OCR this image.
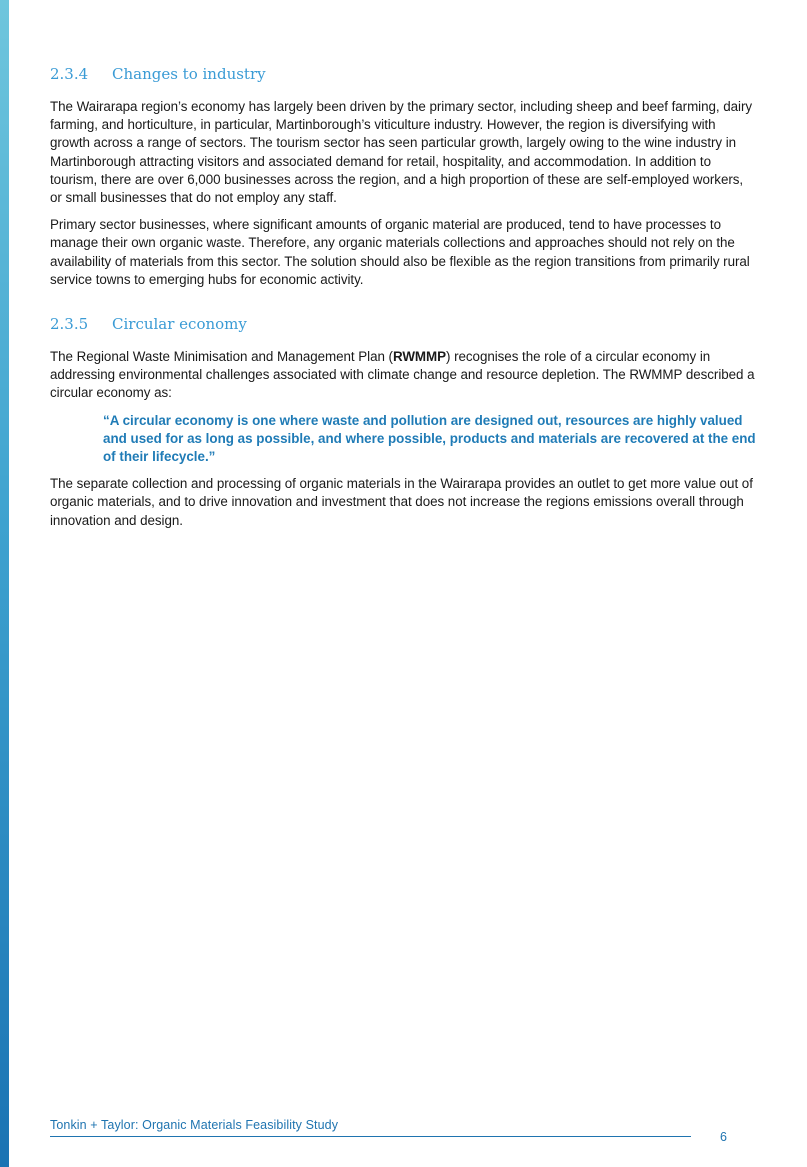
2.3.4 Changes to industry

The Wairarapa region’s economy has largely been driven by the primary sector, including sheep and beef farming, dairy farming, and horticulture, in particular, Martinborough’s viticulture industry. However, the region is diversifying with growth across a range of sectors. The tourism sector has seen particular growth, largely owing to the wine industry in Martinborough attracting visitors and associated demand for retail, hospitality, and accommodation. In addition to tourism, there are over 6,000 businesses across the region, and a high proportion of these are self-employed workers, or small businesses that do not employ any staff.

Primary sector businesses, where significant amounts of organic material are produced, tend to have processes to manage their own organic waste. Therefore, any organic materials collections and approaches should not rely on the availability of materials from this sector. The solution should also be flexible as the region transitions from primarily rural service towns to emerging hubs for economic activity.

2.3.5 Circular economy

The Regional Waste Minimisation and Management Plan (RWMMP) recognises the role of a circular economy in addressing environmental challenges associated with climate change and resource depletion. The RWMMP described a circular economy as:

“A circular economy is one where waste and pollution are designed out, resources are highly valued and used for as long as possible, and where possible, products and materials are recovered at the end of their lifecycle.”

The separate collection and processing of organic materials in the Wairarapa provides an outlet to get more value out of organic materials, and to drive innovation and investment that does not increase the regions emissions overall through innovation and design.

Tonkin + Taylor: Organic Materials Feasibility Study
6
